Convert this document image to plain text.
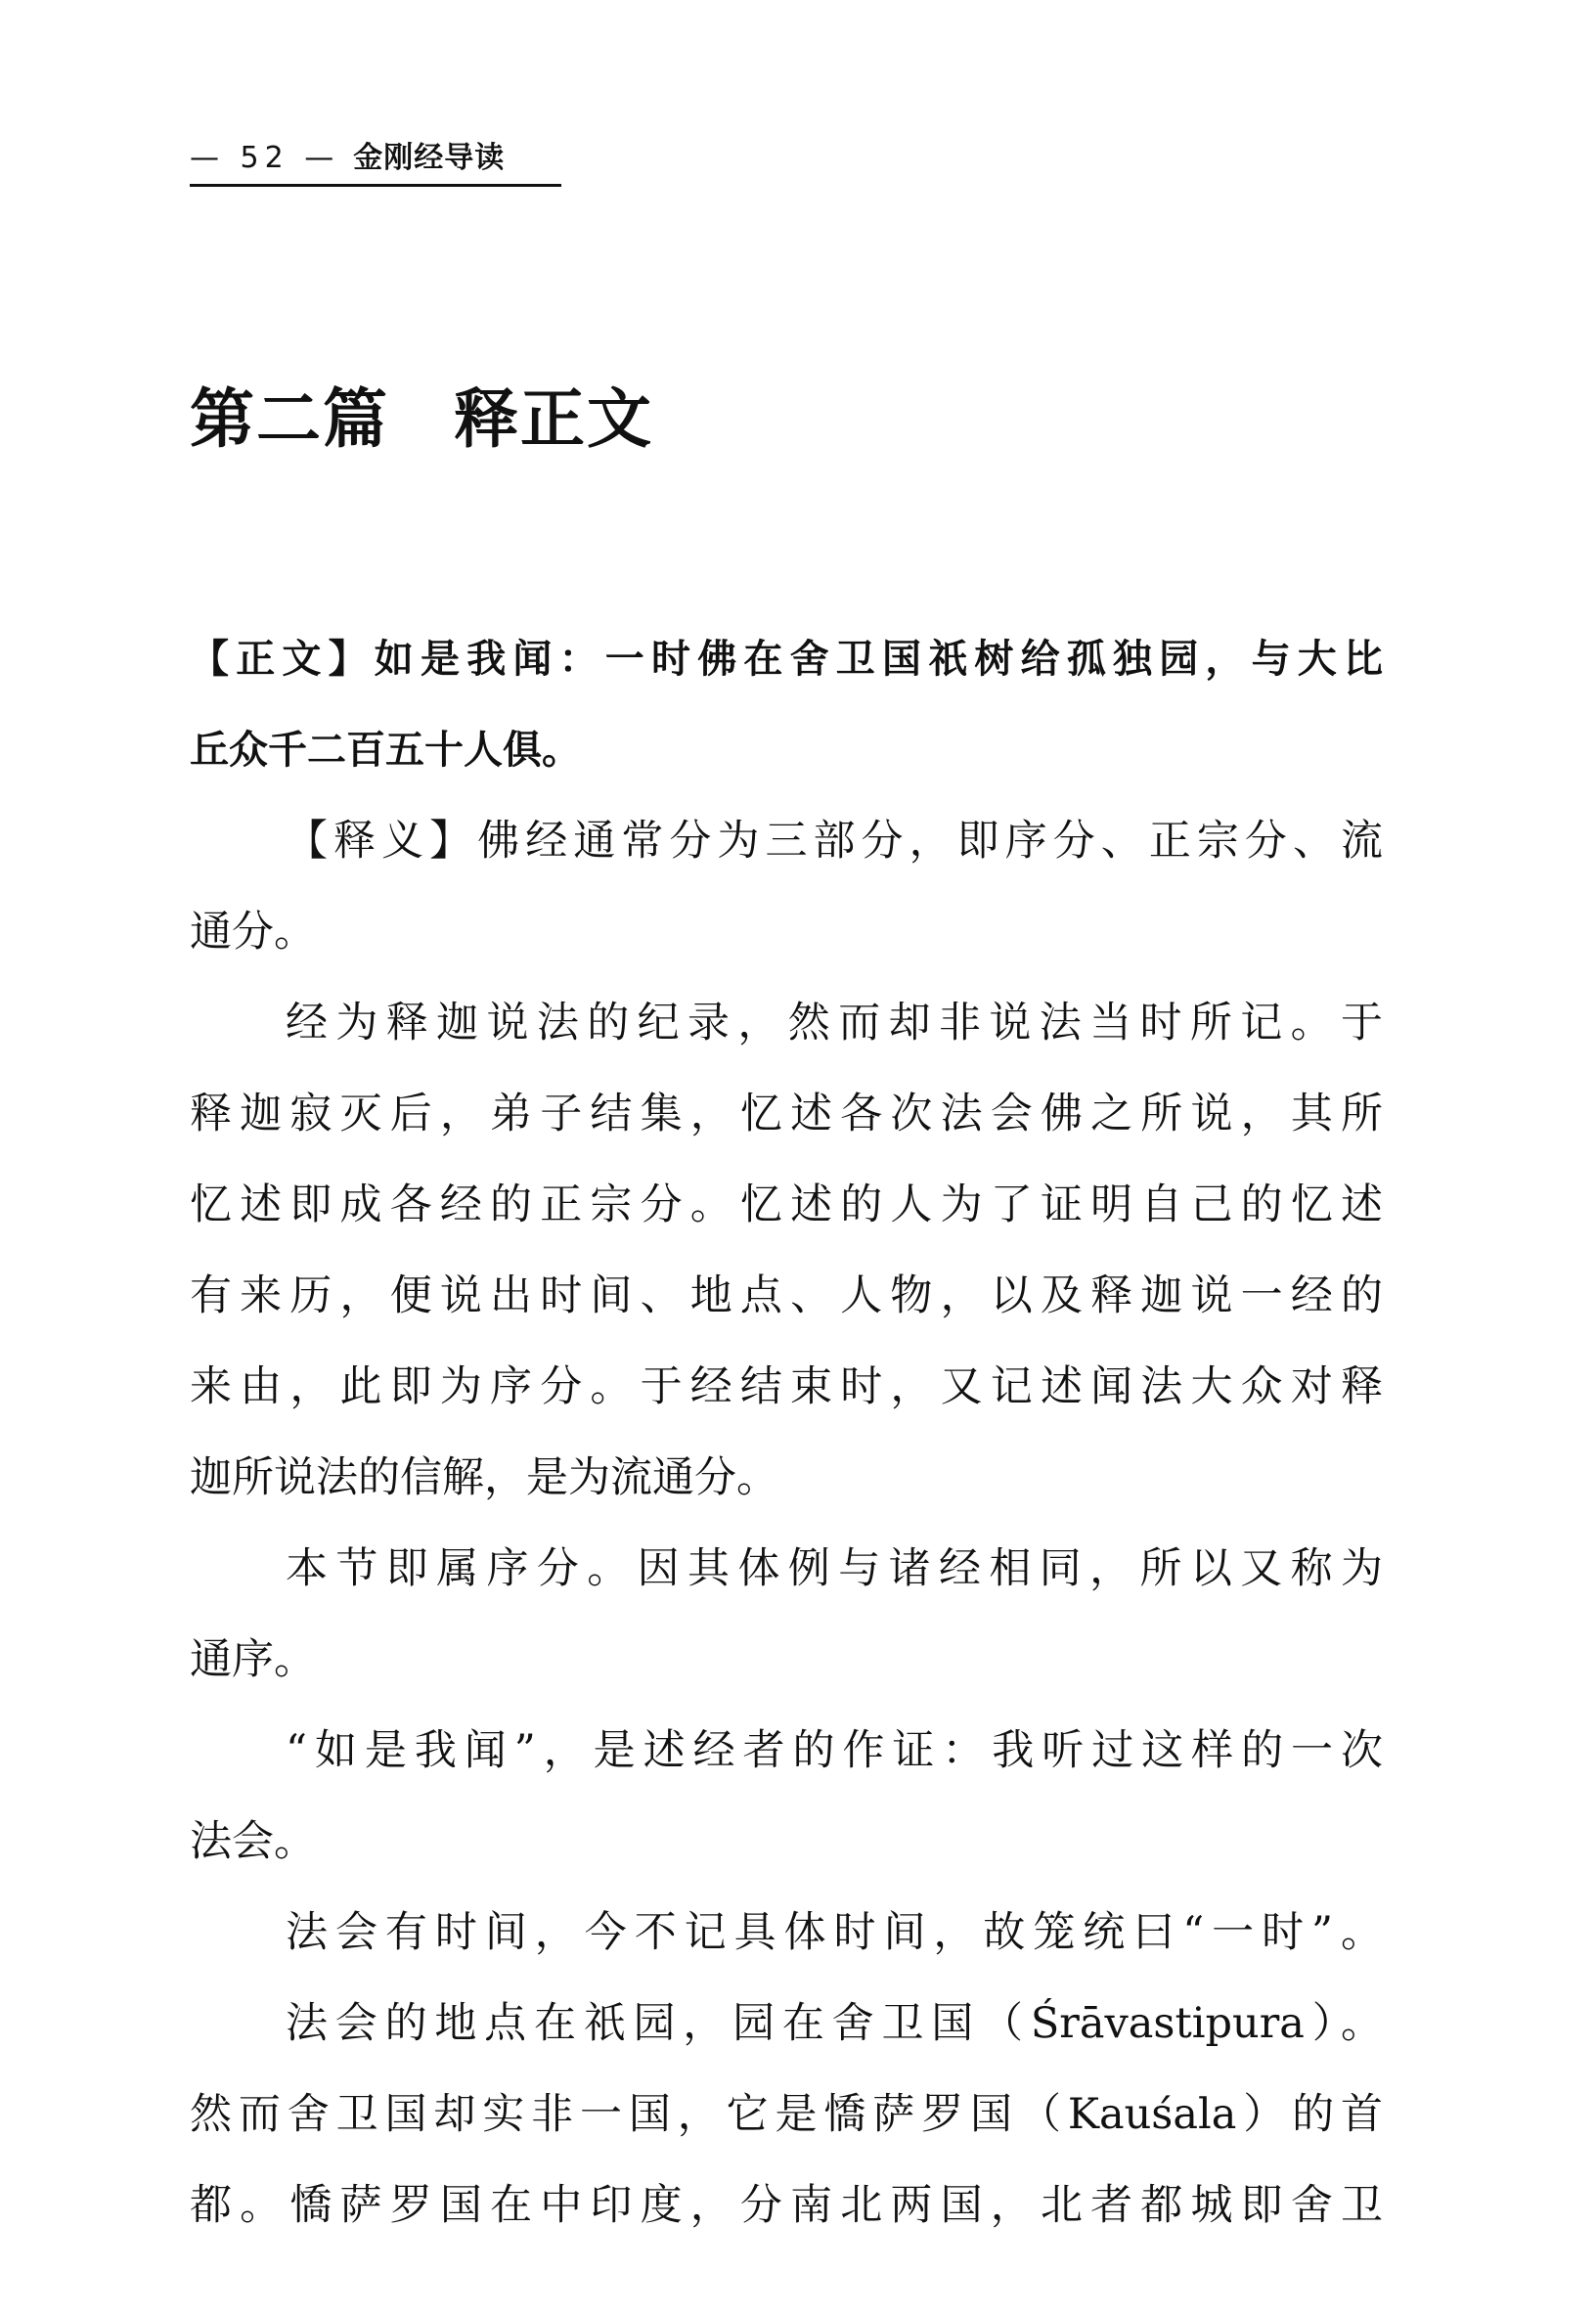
— 52 — 金刚经导读
第二篇 释正文
【正文】如是我闻：一时佛在舍卫国祇树给孤独园，与大比
丘众千二百五十人俱。
【释义】佛经通常分为三部分，即序分、正宗分、流
通分。
经为释迦说法的纪录，然而却非说法当时所记。于
释迦寂灭后，弟子结集，忆述各次法会佛之所说，其所
忆述即成各经的正宗分。忆述的人为了证明自己的忆述
有来历，便说出时间、地点、人物，以及释迦说一经的
来由，此即为序分。于经结束时，又记述闻法大众对释
迦所说法的信解，是为流通分。
本节即属序分。因其体例与诸经相同，所以又称为
通序。
“如是我闻”，是述经者的作证：我听过这样的一次
法会。
法会有时间，今不记具体时间，故笼统曰“一时”。
法会的地点在祇园，园在舍卫国（Śrāvastipura）。
然而舍卫国却实非一国，它是憍萨罗国（Kauśala）的首
都。憍萨罗国在中印度，分南北两国，北者都城即舍卫
